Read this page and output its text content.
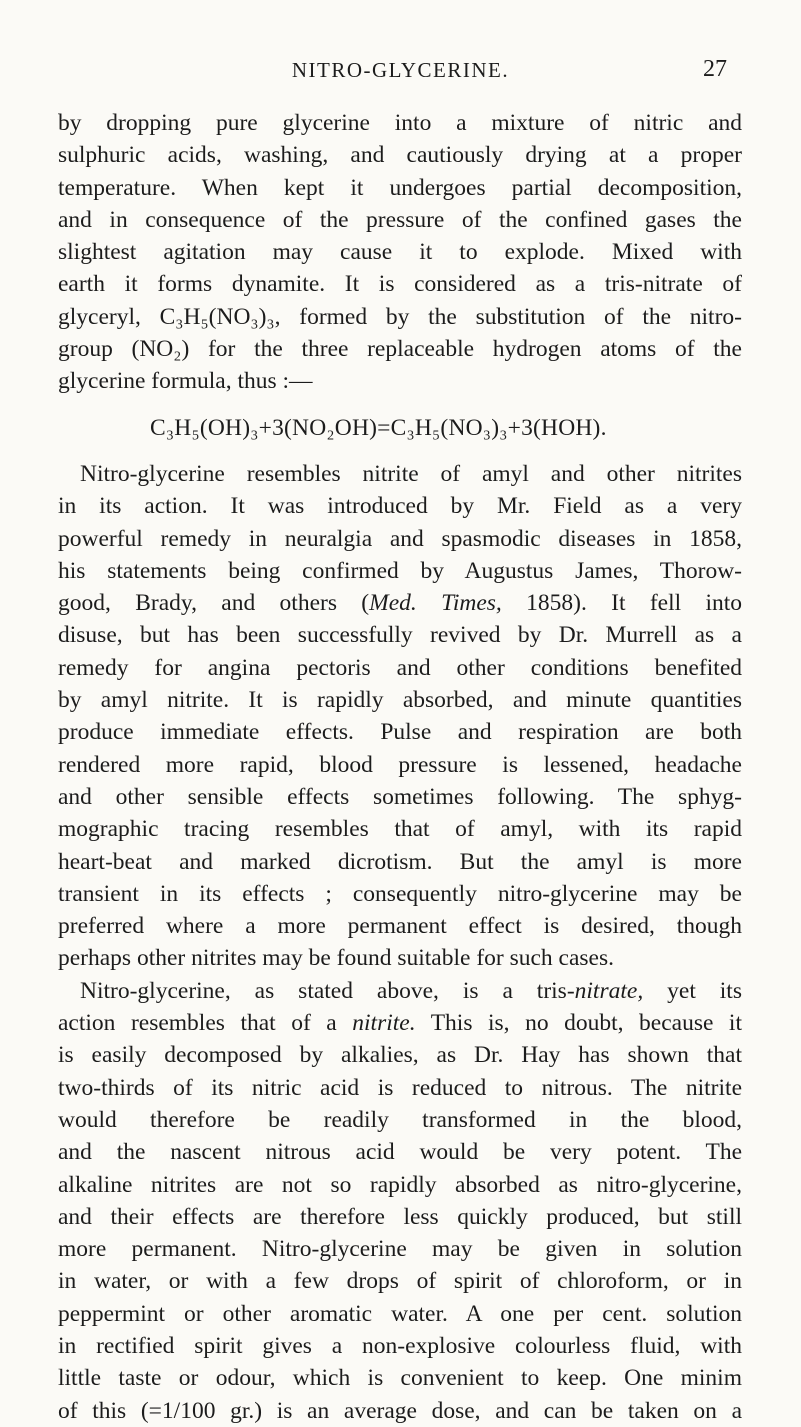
NITRO-GLYCERINE.	27
by dropping pure glycerine into a mixture of nitric and
sulphuric acids, washing, and cautiously drying at a proper
temperature. When kept it undergoes partial decomposition,
and in consequence of the pressure of the confined gases the
slightest agitation may cause it to explode. Mixed with
earth it forms dynamite. It is considered as a tris-nitrate of
glyceryl, C₃H₅(NO₃)₃, formed by the substitution of the nitro-
group (NO₂) for the three replaceable hydrogen atoms of the
glycerine formula, thus :—
C₃H₅(OH)₃+3(NO₂OH)=C₃H₅(NO₃)₃+3(HOH).
Nitro-glycerine resembles nitrite of amyl and other nitrites
in its action. It was introduced by Mr. Field as a very
powerful remedy in neuralgia and spasmodic diseases in 1858,
his statements being confirmed by Augustus James, Thorow-
good, Brady, and others (Med. Times, 1858). It fell into
disuse, but has been successfully revived by Dr. Murrell as a
remedy for angina pectoris and other conditions benefited
by amyl nitrite. It is rapidly absorbed, and minute quantities
produce immediate effects. Pulse and respiration are both
rendered more rapid, blood pressure is lessened, headache
and other sensible effects sometimes following. The sphyg-
mographic tracing resembles that of amyl, with its rapid
heart-beat and marked dicrotism. But the amyl is more
transient in its effects ; consequently nitro-glycerine may be
preferred where a more permanent effect is desired, though
perhaps other nitrites may be found suitable for such cases.
Nitro-glycerine, as stated above, is a tris-nitrate, yet its
action resembles that of a nitrite. This is, no doubt, because it
is easily decomposed by alkalies, as Dr. Hay has shown that
two-thirds of its nitric acid is reduced to nitrous. The nitrite
would therefore be readily transformed in the blood,
and the nascent nitrous acid would be very potent. The
alkaline nitrites are not so rapidly absorbed as nitro-glycerine,
and their effects are therefore less quickly produced, but still
more permanent. Nitro-glycerine may be given in solution
in water, or with a few drops of spirit of chloroform, or in
peppermint or other aromatic water. A one per cent. solution
in rectified spirit gives a non-explosive colourless fluid, with
little taste or odour, which is convenient to keep. One minim
of this (=1/100 gr.) is an average dose, and can be taken on a
